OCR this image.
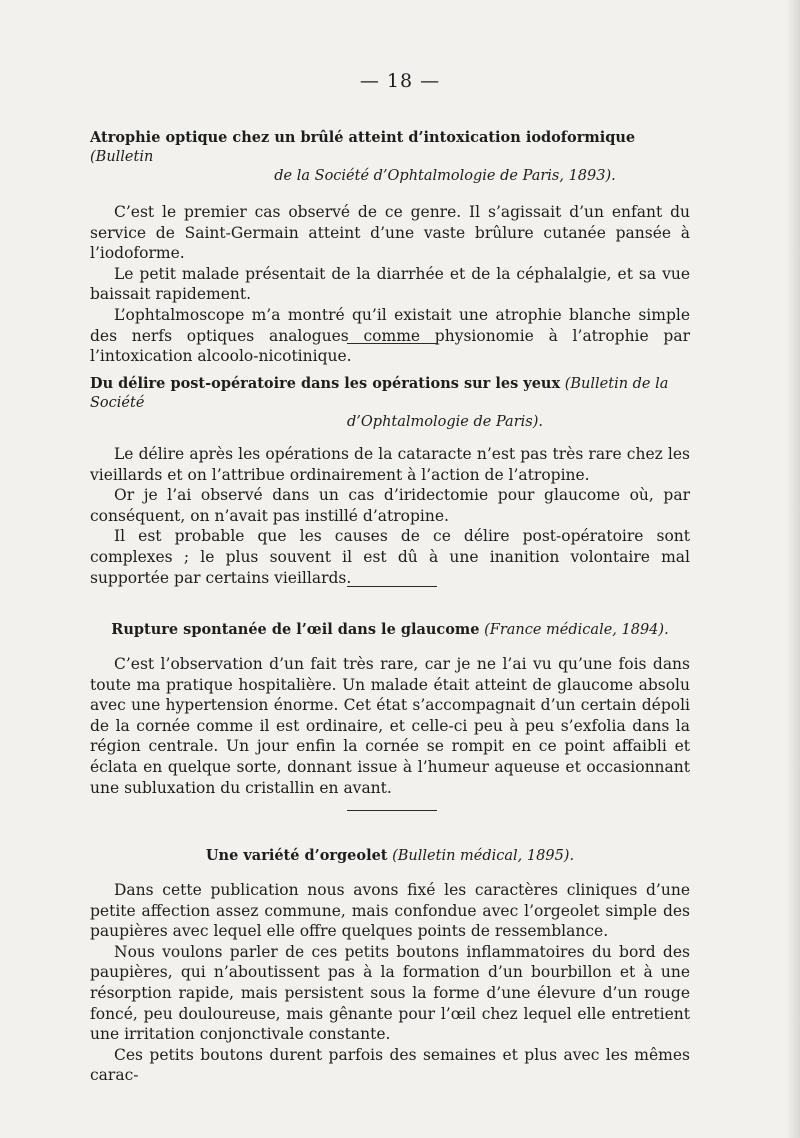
— 18 —

Atrophie optique chez un brûlé atteint d’intoxication iodoformique (Bulletin
de la Société d’Ophtalmologie de Paris, 1893).

C’est le premier cas observé de ce genre. Il s’agissait d’un enfant du service de Saint-Germain atteint d’une vaste brûlure cutanée pansée à l’iodoforme.

Le petit malade présentait de la diarrhée et de la céphalalgie, et sa vue baissait rapidement.

L’ophtalmoscope m’a montré qu’il existait une atrophie blanche simple des nerfs optiques analogues comme physionomie à l’atrophie par l’intoxication alcoolo-nicotinique.

Du délire post-opératoire dans les opérations sur les yeux (Bulletin de la Société
d’Ophtalmologie de Paris).

Le délire après les opérations de la cataracte n’est pas très rare chez les vieillards et on l’attribue ordinairement à l’action de l’atropine.

Or je l’ai observé dans un cas d’iridectomie pour glaucome où, par conséquent, on n’avait pas instillé d’atropine.

Il est probable que les causes de ce délire post-opératoire sont complexes ; le plus souvent il est dû à une inanition volontaire mal supportée par certains vieillards.

Rupture spontanée de l’œil dans le glaucome (France médicale, 1894).

C’est l’observation d’un fait très rare, car je ne l’ai vu qu’une fois dans toute ma pratique hospitalière. Un malade était atteint de glaucome absolu avec une hypertension énorme. Cet état s’accompagnait d’un certain dépoli de la cornée comme il est ordinaire, et celle-ci peu à peu s’exfolia dans la région centrale. Un jour enfin la cornée se rompit en ce point affaibli et éclata en quelque sorte, donnant issue à l’humeur aqueuse et occasionnant une subluxation du cristallin en avant.

Une variété d’orgeolet (Bulletin médical, 1895).

Dans cette publication nous avons fixé les caractères cliniques d’une petite affection assez commune, mais confondue avec l’orgeolet simple des paupières avec lequel elle offre quelques points de ressemblance.

Nous voulons parler de ces petits boutons inflammatoires du bord des paupières, qui n’aboutissent pas à la formation d’un bourbillon et à une résorption rapide, mais persistent sous la forme d’une élevure d’un rouge foncé, peu douloureuse, mais gênante pour l’œil chez lequel elle entretient une irritation conjonctivale constante.

Ces petits boutons durent parfois des semaines et plus avec les mêmes carac-
